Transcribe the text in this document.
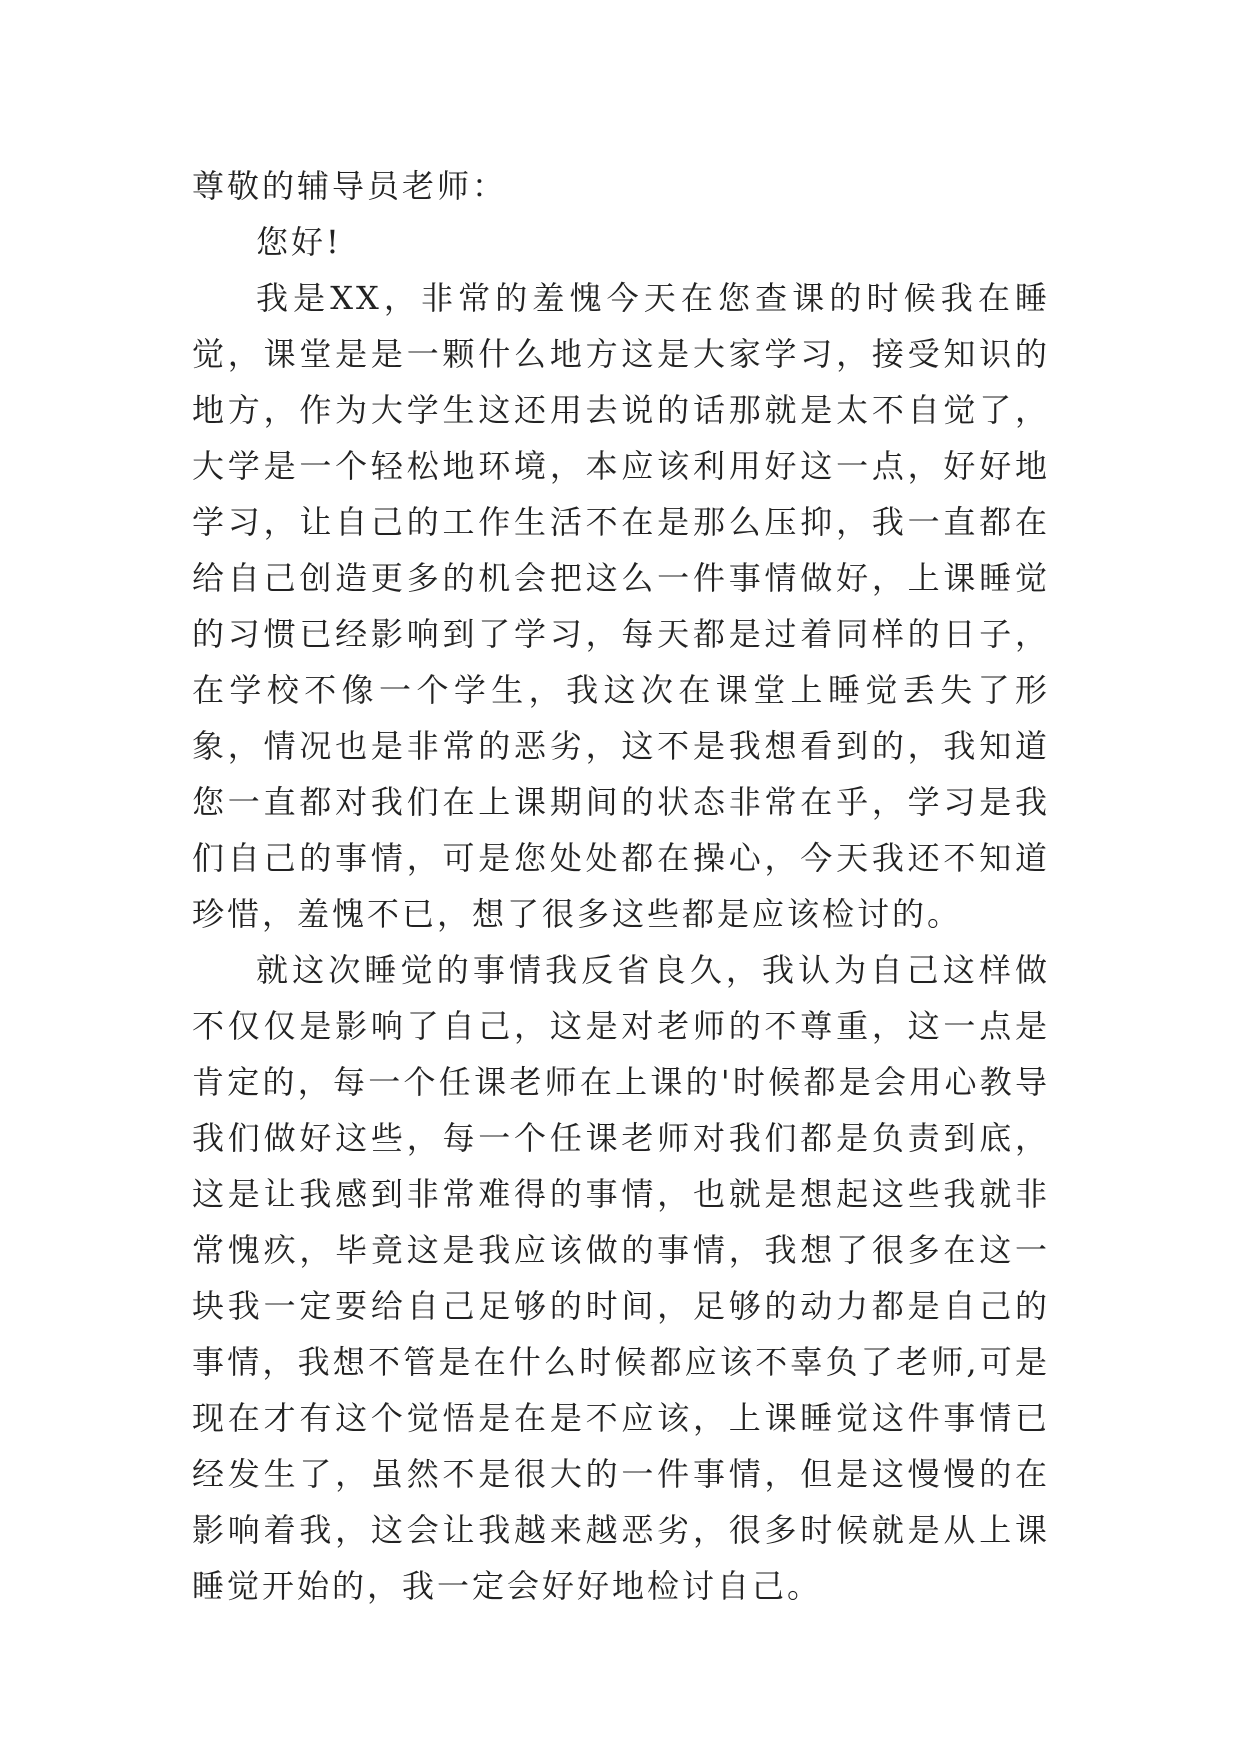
尊敬的辅导员老师：

您好!

我是XX，非常的羞愧今天在您查课的时候我在睡觉，课堂是是一颗什么地方这是大家学习，接受知识的地方，作为大学生这还用去说的话那就是太不自觉了，大学是一个轻松地环境，本应该利用好这一点，好好地学习，让自己的工作生活不在是那么压抑，我一直都在给自己创造更多的机会把这么一件事情做好，上课睡觉的习惯已经影响到了学习，每天都是过着同样的日子，在学校不像一个学生，我这次在课堂上睡觉丢失了形象，情况也是非常的恶劣，这不是我想看到的，我知道您一直都对我们在上课期间的状态非常在乎，学习是我们自己的事情，可是您处处都在操心，今天我还不知道珍惜，羞愧不已，想了很多这些都是应该检讨的。

就这次睡觉的事情我反省良久，我认为自己这样做不仅仅是影响了自己，这是对老师的不尊重，这一点是肯定的，每一个任课老师在上课的'时候都是会用心教导我们做好这些，每一个任课老师对我们都是负责到底，这是让我感到非常难得的事情，也就是想起这些我就非常愧疚，毕竟这是我应该做的事情，我想了很多在这一块我一定要给自己足够的时间，足够的动力都是自己的事情，我想不管是在什么时候都应该不辜负了老师,可是现在才有这个觉悟是在是不应该，上课睡觉这件事情已经发生了，虽然不是很大的一件事情，但是这慢慢的在影响着我，这会让我越来越恶劣，很多时候就是从上课睡觉开始的，我一定会好好地检讨自己。
